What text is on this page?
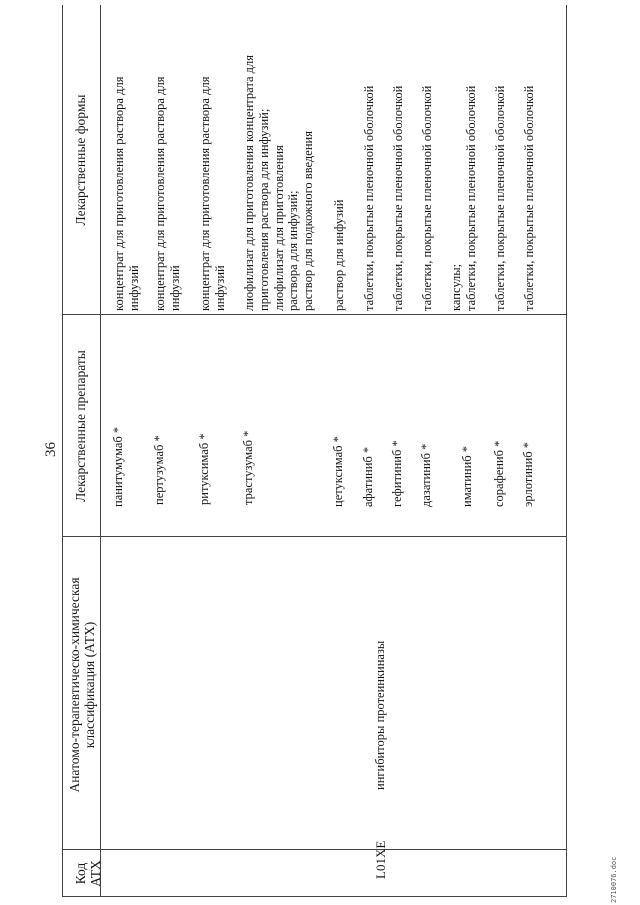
36
Код АТХ
Анатомо-терапевтическо-химическая классификация (АТХ)
Лекарственные препараты
Лекарственные формы
L01XE
ингибиторы протеинкиназы
панитумумаб *
концентрат для приготовления раствора для инфузий
пертузумаб *
концентрат для приготовления раствора для инфузий
ритуксимаб *
концентрат для приготовления раствора для инфузий
трастузумаб *
лиофилизат для приготовления концентрата для приготовления раствора для инфузий; лиофилизат для приготовления раствора для инфузий; раствор для подкожного введения
цетуксимаб *
раствор для инфузий
афатиниб *
таблетки, покрытые пленочной оболочкой
гефитиниб *
таблетки, покрытые пленочной оболочкой
дазатиниб *
таблетки, покрытые пленочной оболочкой
иматиниб *
капсулы; таблетки, покрытые пленочной оболочкой
сорафениб *
таблетки, покрытые пленочной оболочкой
эрлотиниб *
таблетки, покрытые пленочной оболочкой
2710076.doc
